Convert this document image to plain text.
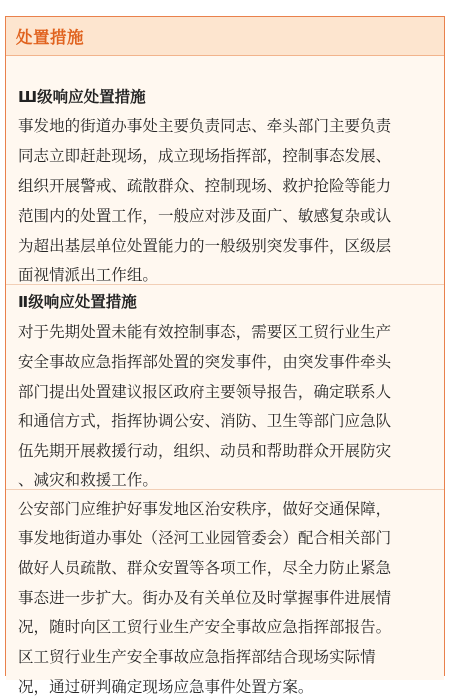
处置措施
Ш级响应处置措施
事发地的街道办事处主要负责同志、牵头部门主要负责
同志立即赶赴现场，成立现场指挥部，控制事态发展、
组织开展警戒、疏散群众、控制现场、救护抢险等能力
范围内的处置工作，一般应对涉及面广、敏感复杂或认
为超出基层单位处置能力的一般级别突发事件，区级层
面视情派出工作组。
Ⅱ级响应处置措施
对于先期处置未能有效控制事态，需要区工贸行业生产
安全事故应急指挥部处置的突发事件，由突发事件牵头
部门提出处置建议报区政府主要领导报告，确定联系人
和通信方式，指挥协调公安、消防、卫生等部门应急队
伍先期开展救援行动，组织、动员和帮助群众开展防灾
、减灾和救援工作。
公安部门应维护好事发地区治安秩序，做好交通保障，
事发地街道办事处（泾河工业园管委会）配合相关部门
做好人员疏散、群众安置等各项工作，尽全力防止紧急
事态进一步扩大。街办及有关单位及时掌握事件进展情
况，随时向区工贸行业生产安全事故应急指挥部报告。
区工贸行业生产安全事故应急指挥部结合现场实际情
况，通过研判确定现场应急事件处置方案。
